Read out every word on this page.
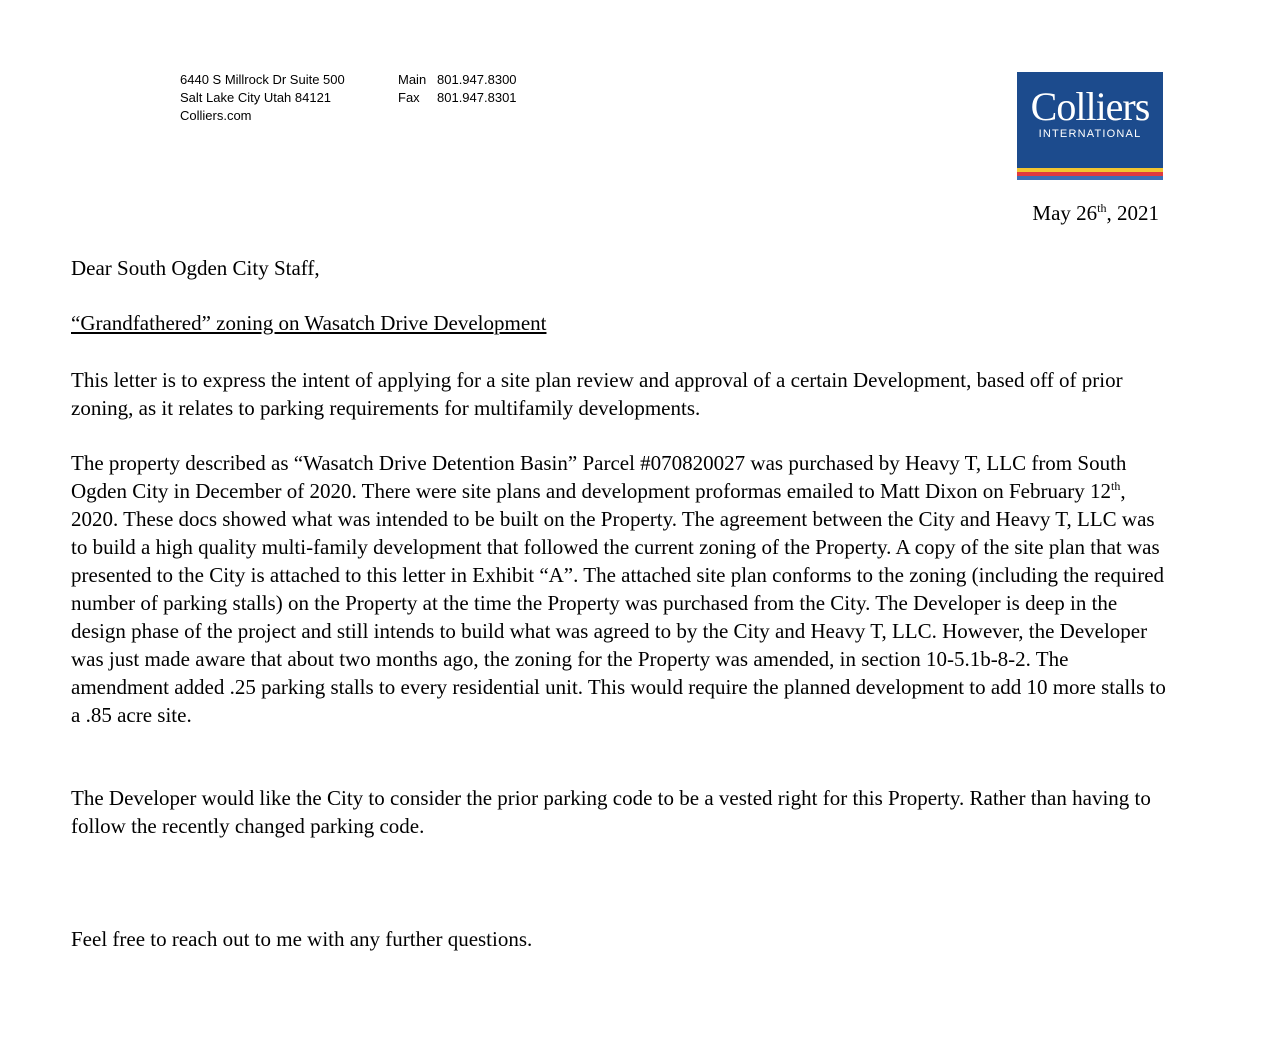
6440 S Millrock Dr Suite 500
Salt Lake City Utah 84121
Colliers.com
Main 801.947.8300
Fax	801.947.8301	Colliers
INTERNATIONAL
May 26th, 2021
Dear South Ogden City Staff,
“Grandfathered” zoning on Wasatch Drive Development
This letter is to express the intent of applying for a site plan review and approval of a certain Development, based off of prior zoning, as it relates to parking requirements for multifamily developments.
The property described as “Wasatch Drive Detention Basin” Parcel #070820027 was purchased by Heavy T, LLC from South Ogden City in December of 2020. There were site plans and development proformas emailed to Matt Dixon on February 12th, 2020. These docs showed what was intended to be built on the Property. The agreement between the City and Heavy T, LLC was to build a high quality multi-family development that followed the current zoning of the Property. A copy of the site plan that was presented to the City is attached to this letter in Exhibit “A”. The attached site plan conforms to the zoning (including the required number of parking stalls) on the Property at the time the Property was purchased from the City. The Developer is deep in the design phase of the project and still intends to build what was agreed to by the City and Heavy T, LLC. However, the Developer was just made aware that about two months ago, the zoning for the Property was amended, in section 10-5.1b-8-2. The amendment added .25 parking stalls to every residential unit. This would require the planned development to add 10 more stalls to a .85 acre site.
The Developer would like the City to consider the prior parking code to be a vested right for this Property. Rather than having to follow the recently changed parking code.
Feel free to reach out to me with any further questions.
